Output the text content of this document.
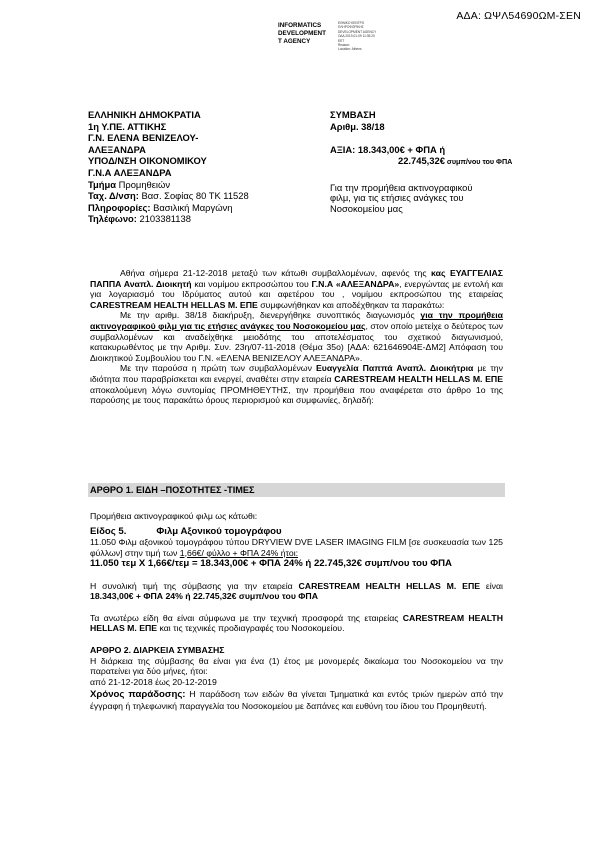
ΑΔΑ: ΩΨΛ54690ΩΜ-ΣΕΝ
INFORMATICS
DEVELOPMENT
T AGENCY
ΕΘΝΙΚΟ ΚΕΝΤΡΟ
ΠΛΗΡΟΦΟΡΙΚΗΣ
DEVELOPMENT AGENCY
ΟΔΑ 2019-01-09 11:35:20
EET
Reason:
Location: Athens
ΕΛΛΗΝΙΚΗ ΔΗΜΟΚΡΑΤΙΑ
1η Υ.ΠΕ. ΑΤΤΙΚΗΣ
Γ.Ν. ΕΛΕΝΑ ΒΕΝΙΖΕΛΟΥ-
ΑΛΕΞΑΝΔΡΑ
ΥΠΟΔ/ΝΣΗ ΟΙΚΟΝΟΜΙΚΟΥ
Γ.Ν.Α ΑΛΕΞΑΝΔΡΑ
Τμήμα Προμηθειών
Ταχ. Δ/νση: Βασ. Σοφίας 80 ΤΚ 11528
Πληροφορίες: Βασιλική Μαργώνη
Τηλέφωνο: 2103381138
ΣΥΜΒΑΣΗ
Αριθμ. 38/18
ΑΞΙΑ: 18.343,00€ + ΦΠΑ ή
22.745,32€ συμπ/νου του ΦΠΑ
Για την προμήθεια ακτινογραφικού
φιλμ, για τις ετήσιες ανάγκες του
Νοσοκομείου μας

Αθήνα σήμερα 21-12-2018 μεταξύ των κάτωθι συμβαλλομένων, αφενός της κας ΕΥΑΓΓΕΛΙΑΣ ΠΑΠΠΑ Αναπλ. Διοικητή και νομίμου εκπροσώπου του Γ.Ν.Α «ΑΛΕΞΑΝΔΡΑ», ενεργώντας με εντολή και για λογαριασμό του Ιδρύματος αυτού και αφετέρου του , νομίμου εκπροσώπου της εταιρείας CARESTREAM HEALTH HELLAS Μ. ΕΠΕ συμφωνήθηκαν και αποδέχθηκαν τα παρακάτω:

Με την αριθμ. 38/18 διακήρυξη, διενεργήθηκε συνοπτικός διαγωνισμός για την προμήθεια ακτινογραφικού φιλμ για τις ετήσιες ανάγκες του Νοσοκομείου μας, στον οποίο μετείχε ο δεύτερος των συμβαλλομένων και αναδείχθηκε μειοδότης του αποτελέσματος του σχετικού διαγωνισμού, κατακυρωθέντος με την Αριθμ. Συν. 23η/07-11-2018 (Θέμα 35ο) [ΑΔΑ: 621646904Ε-ΔΜ2] Απόφαση του Διοικητικού Συμβουλίου του Γ.Ν. «ΕΛΕΝΑ ΒΕΝΙΖΕΛΟΥ ΑΛΕΞΑΝΔΡΑ».

Με την παρούσα η πρώτη των συμβαλλομένων Ευαγγελία Παππά Αναπλ. Διοικήτρια με την ιδιότητα που παραβρίσκεται και ενεργεί, αναθέτει στην εταιρεία CARESTREAM HEALTH HELLAS Μ. ΕΠΕ αποκαλούμενη λόγω συντομίας ΠΡΟΜΗΘΕΥΤΗΣ, την προμήθεια που αναφέρεται στο άρθρο 1ο της παρούσης με τους παρακάτω όρους περιορισμού και συμφωνίες, δηλαδή:

ΑΡΘΡΟ 1. ΕΙΔΗ –ΠΟΣΟΤΗΤΕΣ -ΤΙΜΕΣ

Προμήθεια ακτινογραφικού φιλμ ως κάτωθι:

Είδος 5.	Φιλμ Αξονικού τομογράφου

11.050 Φιλμ αξονικού τομογράφου τύπου DRYVIEW DVE LASER IMAGING FILM [σε συσκευασία των 125 φύλλων] στην τιμή των 1,66€/ φύλλο + ΦΠΑ 24% ήτοι:

11.050 τεμ Χ 1,66€/τεμ = 18.343,00€ + ΦΠΑ 24% ή 22.745,32€ συμπ/νου του ΦΠΑ

Η συνολική τιμή της σύμβασης για την εταιρεία CARESTREAM HEALTH HELLAS Μ. ΕΠΕ είναι 18.343,00€ + ΦΠΑ 24% ή 22.745,32€ συμπ/νου του ΦΠΑ

Τα ανωτέρω είδη θα είναι σύμφωνα με την τεχνική προσφορά της εταιρείας CARESTREAM HEALTH HELLAS Μ. ΕΠΕ και τις τεχνικές προδιαγραφές του Νοσοκομείου.

ΑΡΘΡΟ 2. ΔΙΑΡΚΕΙΑ ΣΥΜΒΑΣΗΣ

Η διάρκεια της σύμβασης θα είναι για ένα (1) έτος με μονομερές δικαίωμα του Νοσοκομείου να την παρατείνει για δύο μήνες, ήτοι:

από 21-12-2018 έως 20-12-2019

Χρόνος παράδοσης: Η παράδοση των ειδών θα γίνεται Τμηματικά και εντός τριών ημερών από την έγγραφη ή τηλεφωνική παραγγελία του Νοσοκομείου με δαπάνες και ευθύνη του ίδιου του Προμηθευτή.
